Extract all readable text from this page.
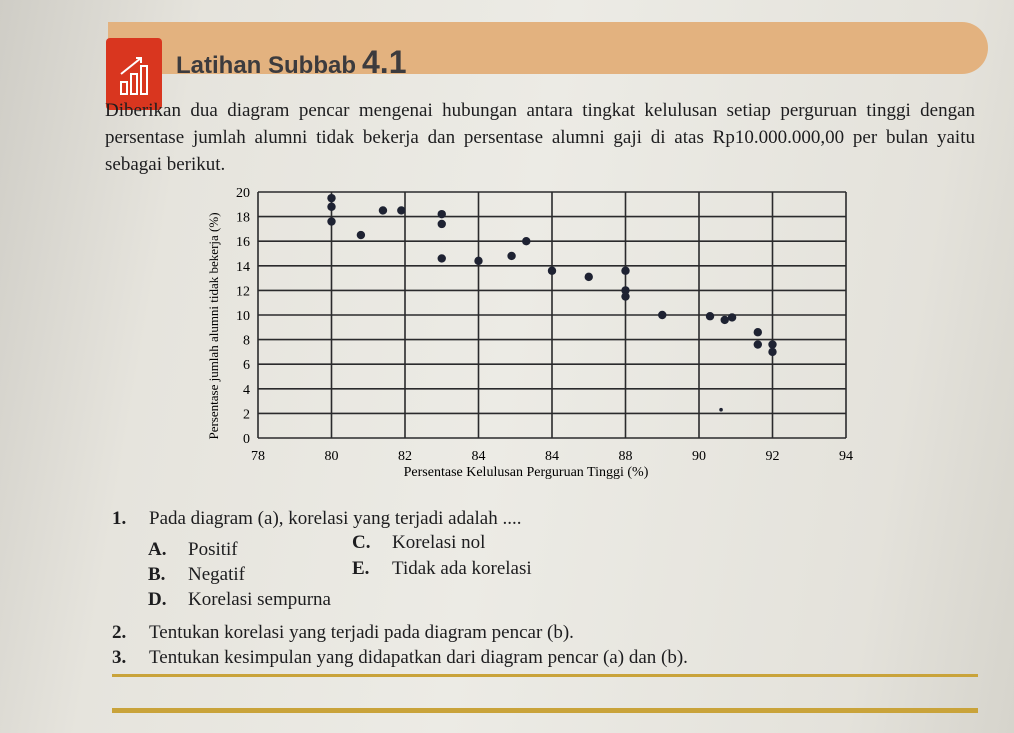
Latihan Subbab 4.1

Diberikan dua diagram pencar mengenai hubungan antara tingkat kelulusan setiap perguruan tinggi dengan persentase jumlah alumni tidak bekerja dan persentase alumni gaji di atas Rp10.000.000,00 per bulan yaitu sebagai berikut.

0
2
4
6
8
10
12
14
16
18
20
78	80	82	84	84	88	90	92	94
Persentase jumlah alumni tidak bekerja (%)
Persentase Kelulusan Perguruan Tinggi (%)
1. Pada diagram (a), korelasi yang terjadi adalah ....
A. Positif
B. Negatif
C. Korelasi nol
D. Korelasi sempurna
E. Tidak ada korelasi
2. Tentukan korelasi yang terjadi pada diagram pencar (b).
3. Tentukan kesimpulan yang didapatkan dari diagram pencar (a) dan (b).
